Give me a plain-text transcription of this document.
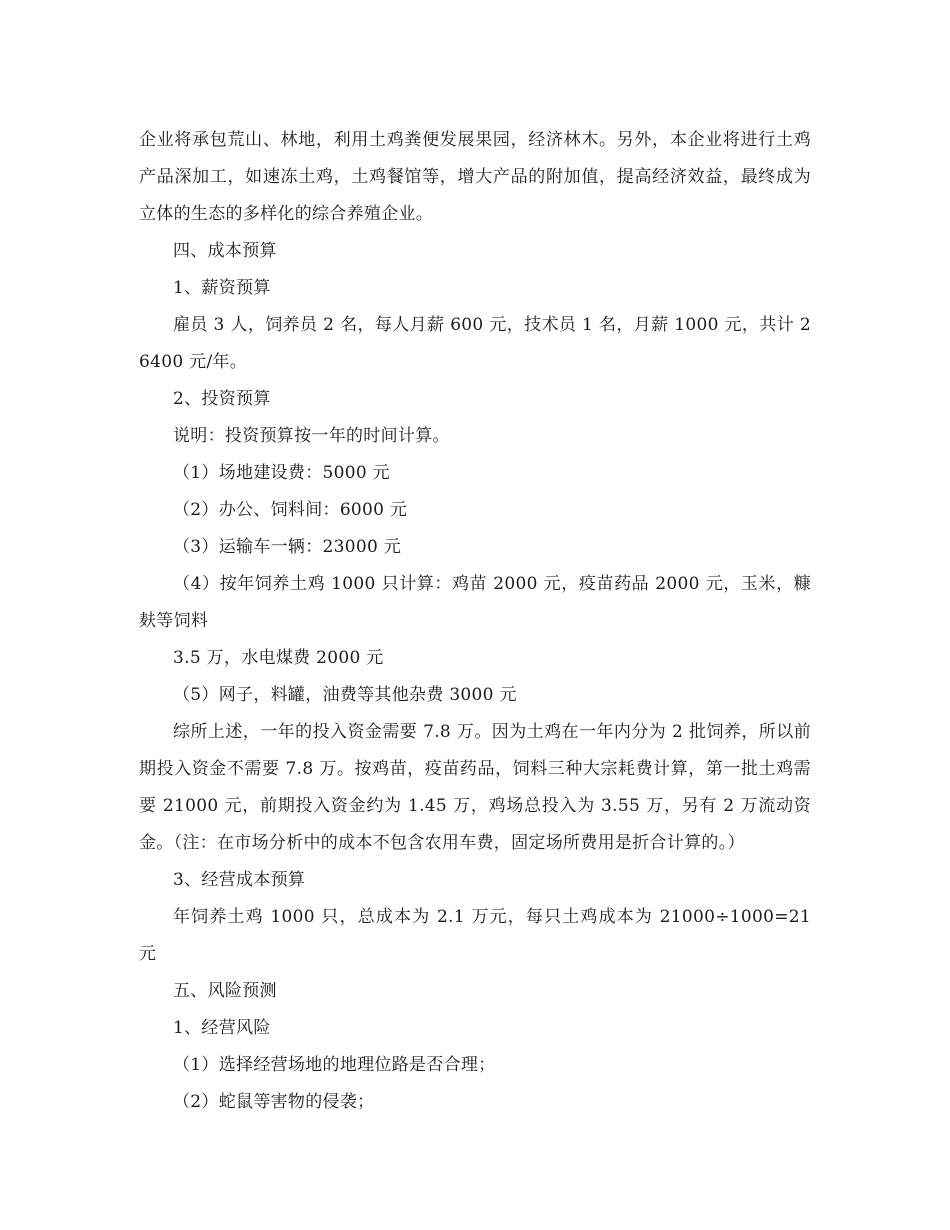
企业将承包荒山、林地，利用土鸡粪便发展果园，经济林木。另外，本企业将进行土鸡产品深加工，如速冻土鸡，土鸡餐馆等，增大产品的附加值，提高经济效益，最终成为立体的生态的多样化的综合养殖企业。

四、成本预算

1、薪资预算

雇员 3 人，饲养员 2 名，每人月薪 600 元，技术员 1 名，月薪 1000 元，共计 26400 元/年。

2、投资预算

说明：投资预算按一年的时间计算。

（1）场地建设费：5000 元

（2）办公、饲料间：6000 元

（3）运输车一辆：23000 元

（4）按年饲养土鸡 1000 只计算：鸡苗 2000 元，疫苗药品 2000 元，玉米，糠麸等饲料

3.5 万，水电煤费 2000 元

（5）网子，料罐，油费等其他杂费 3000 元

综所上述，一年的投入资金需要 7.8 万。因为土鸡在一年内分为 2 批饲养，所以前期投入资金不需要 7.8 万。按鸡苗，疫苗药品，饲料三种大宗耗费计算，第一批土鸡需要 21000 元，前期投入资金约为 1.45 万，鸡场总投入为 3.55 万，另有 2 万流动资金。（注：在市场分析中的成本不包含农用车费，固定场所费用是折合计算的。）

3、经营成本预算

年饲养土鸡 1000 只，总成本为 2.1 万元，每只土鸡成本为 21000÷1000=21 元

五、风险预测

1、经营风险

（1）选择经营场地的地理位路是否合理；

（2）蛇鼠等害物的侵袭；
